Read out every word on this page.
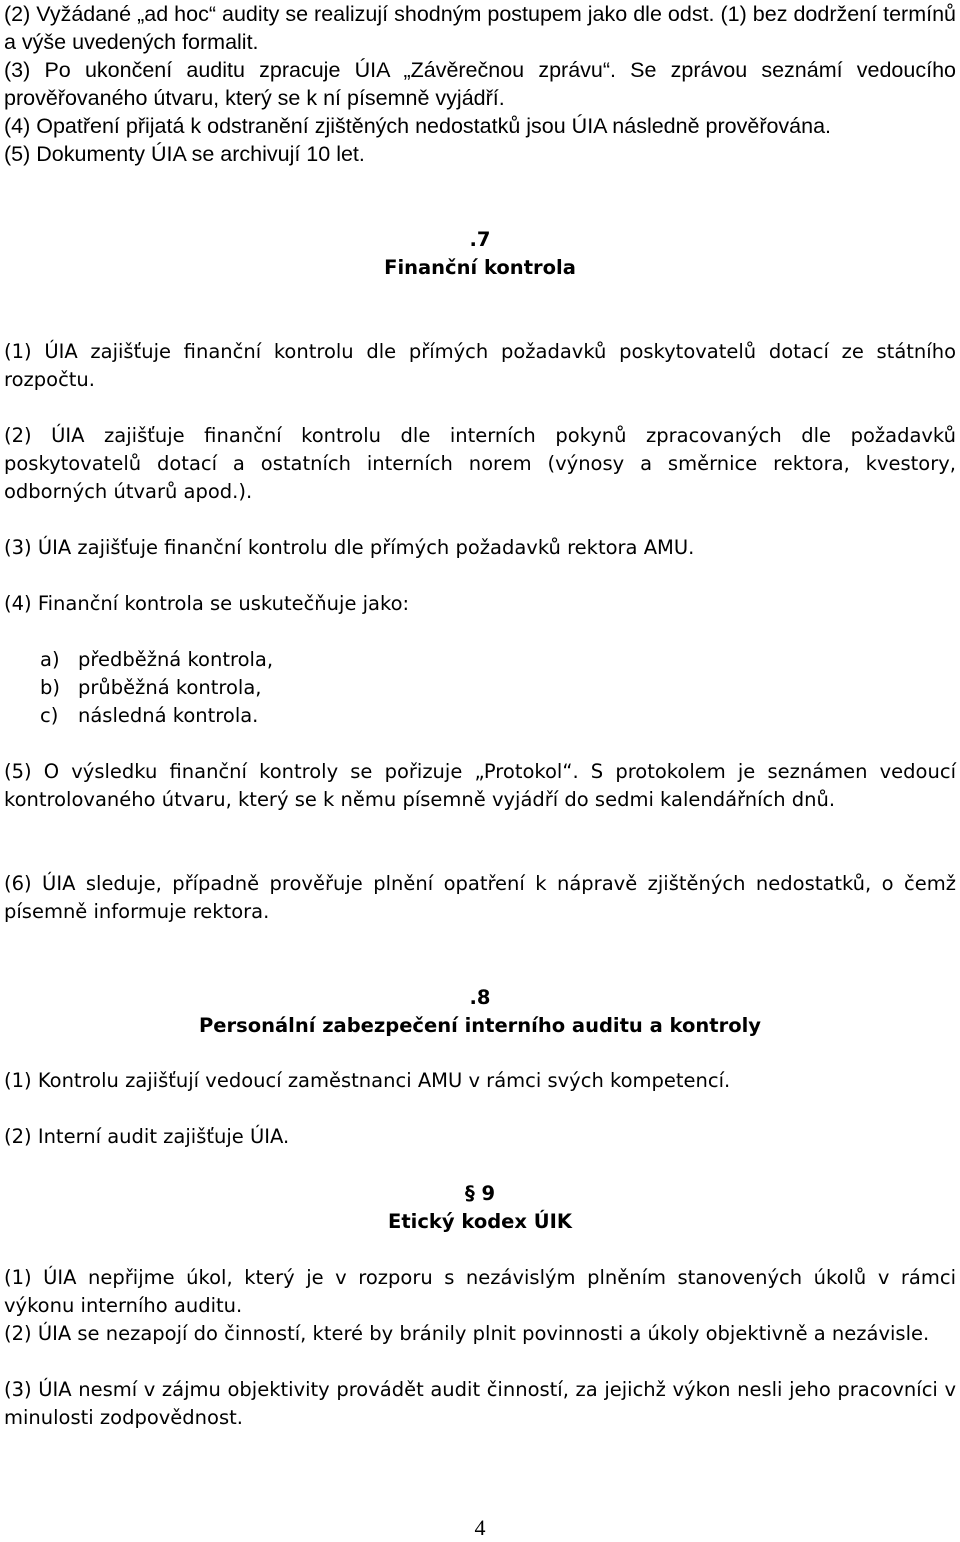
(2) Vyžádané „ad hoc“ audity se realizují shodným postupem jako dle odst. (1) bez dodržení termínů a výše uvedených formalit.

(3) Po ukončení auditu zpracuje ÚIA „Závěrečnou zprávu“. Se zprávou seznámí vedoucího prověřovaného útvaru, který se k ní písemně vyjádří.

(4) Opatření přijatá k odstranění zjištěných nedostatků jsou ÚIA následně prověřována.

(5) Dokumenty ÚIA se archivují 10 let.

.7
Finanční kontrola

(1) ÚIA zajišťuje finanční kontrolu dle přímých požadavků poskytovatelů dotací ze státního rozpočtu.

(2) ÚIA zajišťuje finanční kontrolu dle interních pokynů zpracovaných dle požadavků poskytovatelů dotací a ostatních interních norem (výnosy a směrnice rektora, kvestory, odborných útvarů apod.).

(3) ÚIA zajišťuje finanční kontrolu dle přímých požadavků rektora AMU.

(4) Finanční kontrola se uskutečňuje jako:

a) předběžná kontrola,
b) průběžná kontrola,
c) následná kontrola.

(5) O výsledku finanční kontroly se pořizuje „Protokol“. S protokolem je seznámen vedoucí kontrolovaného útvaru, který se k němu písemně vyjádří do sedmi kalendářních dnů.

(6) ÚIA sleduje, případně prověřuje plnění opatření k nápravě zjištěných nedostatků, o čemž písemně informuje rektora.

.8
Personální zabezpečení interního auditu a kontroly

(1) Kontrolu zajišťují vedoucí zaměstnanci AMU v rámci svých kompetencí.

(2) Interní audit zajišťuje ÚIA.

§ 9
Etický kodex ÚIK

(1) ÚIA nepřijme úkol, který je v rozporu s nezávislým plněním stanovených úkolů v rámci výkonu interního auditu.

(2) ÚIA se nezapojí do činností, které by bránily plnit povinnosti a úkoly objektivně a nezávisle.

(3) ÚIA nesmí v zájmu objektivity provádět audit činností, za jejichž výkon nesli jeho pracovníci v minulosti zodpovědnost.

4
